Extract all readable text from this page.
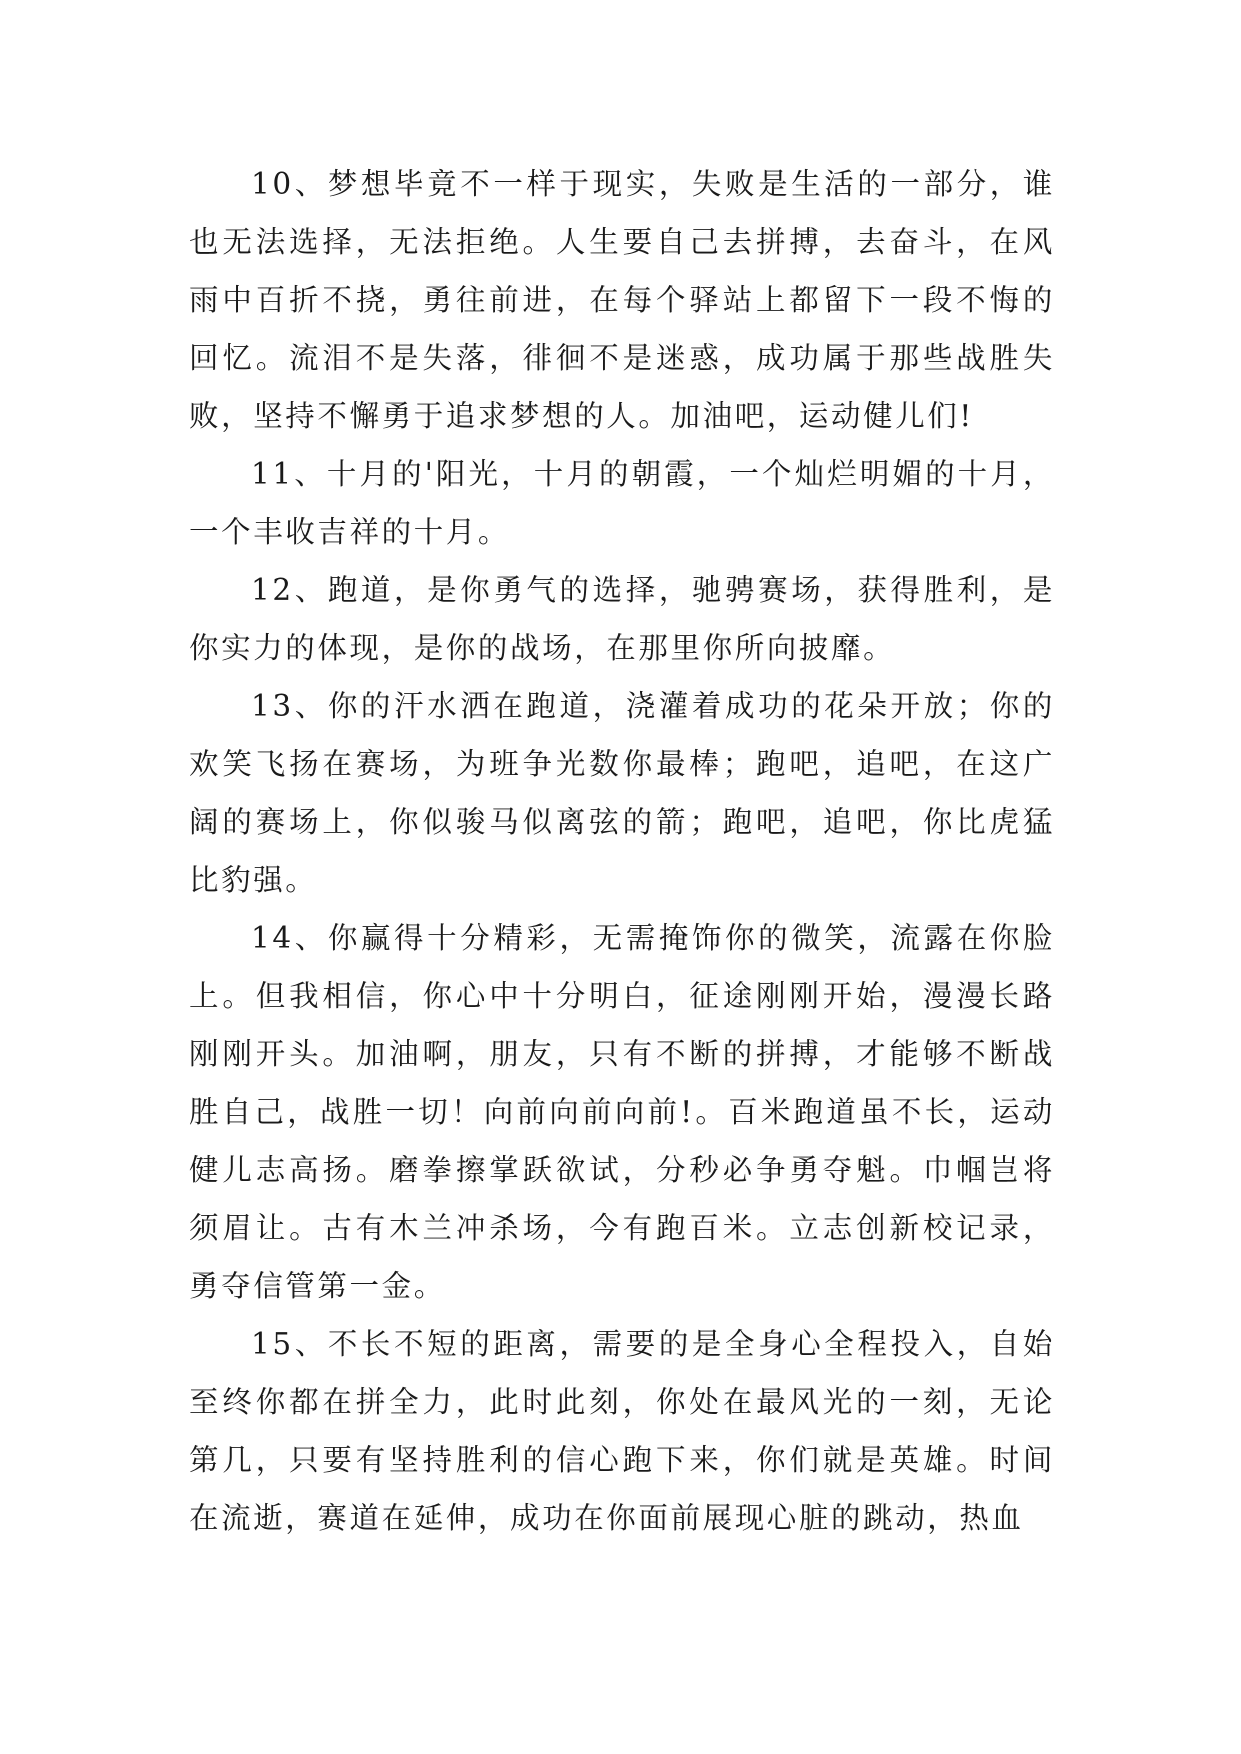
10、梦想毕竟不一样于现实，失败是生活的一部分，谁也无法选择，无法拒绝。人生要自己去拼搏，去奋斗，在风雨中百折不挠，勇往前进，在每个驿站上都留下一段不悔的回忆。流泪不是失落，徘徊不是迷惑，成功属于那些战胜失败，坚持不懈勇于追求梦想的人。加油吧，运动健儿们!

11、十月的'阳光，十月的朝霞，一个灿烂明媚的十月，一个丰收吉祥的十月。

12、跑道，是你勇气的选择，驰骋赛场，获得胜利，是你实力的体现，是你的战场，在那里你所向披靡。

13、你的汗水洒在跑道，浇灌着成功的花朵开放；你的欢笑飞扬在赛场，为班争光数你最棒；跑吧，追吧，在这广阔的赛场上，你似骏马似离弦的箭；跑吧，追吧，你比虎猛比豹强。

14、你赢得十分精彩，无需掩饰你的微笑，流露在你脸上。但我相信，你心中十分明白，征途刚刚开始，漫漫长路刚刚开头。加油啊，朋友，只有不断的拼搏，才能够不断战胜自己，战胜一切！向前向前向前!。百米跑道虽不长，运动健儿志高扬。磨拳擦掌跃欲试，分秒必争勇夺魁。巾帼岂将须眉让。古有木兰冲杀场，今有跑百米。立志创新校记录，勇夺信管第一金。

15、不长不短的距离，需要的是全身心全程投入，自始至终你都在拼全力，此时此刻，你处在最风光的一刻，无论第几，只要有坚持胜利的信心跑下来，你们就是英雄。时间在流逝，赛道在延伸，成功在你面前展现心脏的跳动，热血
